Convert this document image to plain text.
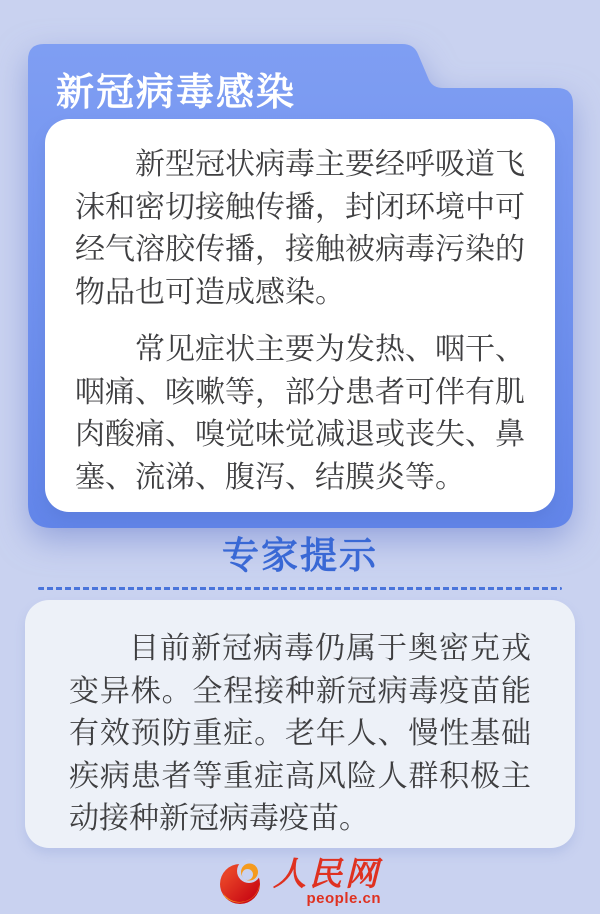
新冠病毒感染

新型冠状病毒主要经呼吸道飞沫和密切接触传播，封闭环境中可经气溶胶传播，接触被病毒污染的物品也可造成感染。

常见症状主要为发热、咽干、咽痛、咳嗽等，部分患者可伴有肌肉酸痛、嗅觉味觉减退或丧失、鼻塞、流涕、腹泻、结膜炎等。

专家提示

目前新冠病毒仍属于奥密克戎变异株。全程接种新冠病毒疫苗能有效预防重症。老年人、慢性基础疾病患者等重症高风险人群积极主动接种新冠病毒疫苗。

人民网
people.cn
